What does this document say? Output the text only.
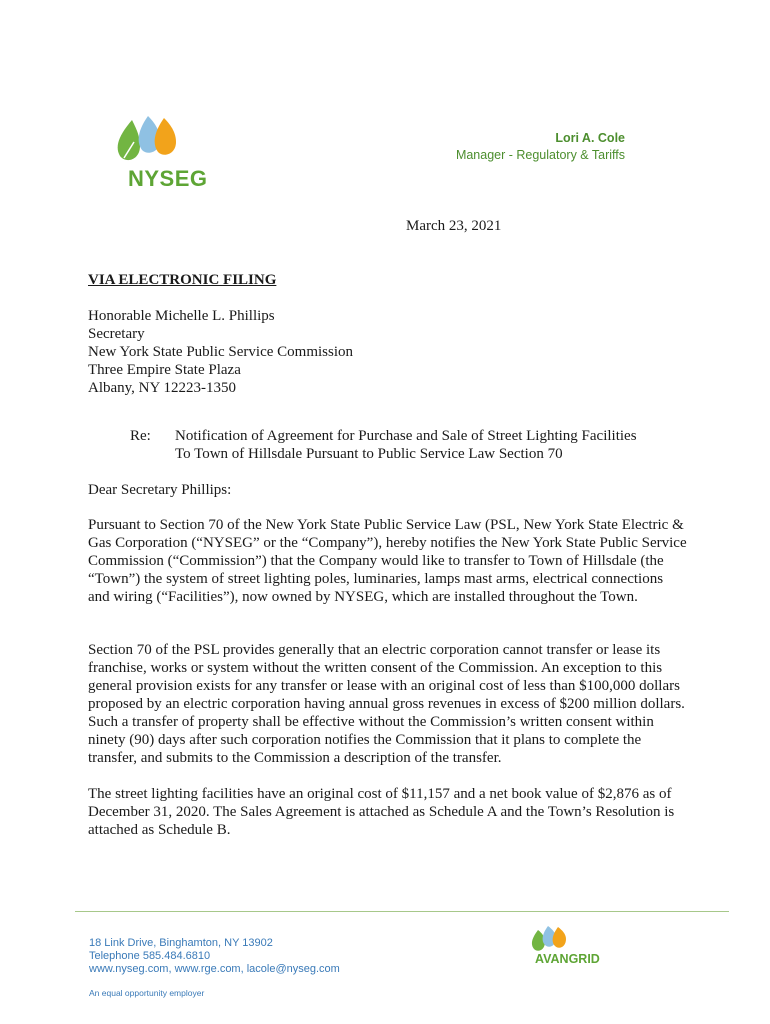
NYSEG
Lori A. Cole
Manager - Regulatory & Tariffs
March 23, 2021
VIA ELECTRONIC FILING
Honorable Michelle L. Phillips
Secretary
New York State Public Service Commission
Three Empire State Plaza
Albany, NY 12223-1350
Re: Notification of Agreement for Purchase and Sale of Street Lighting Facilities
To Town of Hillsdale Pursuant to Public Service Law Section 70
Dear Secretary Phillips:

Pursuant to Section 70 of the New York State Public Service Law (PSL, New York State Electric & Gas Corporation (“NYSEG” or the “Company”), hereby notifies the New York State Public Service Commission (“Commission”) that the Company would like to transfer to Town of Hillsdale (the “Town”) the system of street lighting poles, luminaries, lamps mast arms, electrical connections and wiring (“Facilities”), now owned by NYSEG, which are installed throughout the Town.

Section 70 of the PSL provides generally that an electric corporation cannot transfer or lease its franchise, works or system without the written consent of the Commission. An exception to this general provision exists for any transfer or lease with an original cost of less than $100,000 dollars proposed by an electric corporation having annual gross revenues in excess of $200 million dollars. Such a transfer of property shall be effective without the Commission’s written consent within ninety (90) days after such corporation notifies the Commission that it plans to complete the transfer, and submits to the Commission a description of the transfer.

The street lighting facilities have an original cost of $11,157 and a net book value of $2,876 as of December 31, 2020. The Sales Agreement is attached as Schedule A and the Town’s Resolution is attached as Schedule B.

18 Link Drive, Binghamton, NY 13902
Telephone 585.484.6810
www.nyseg.com, www.rge.com, lacole@nyseg.com
An equal opportunity employer
AVANGRID
